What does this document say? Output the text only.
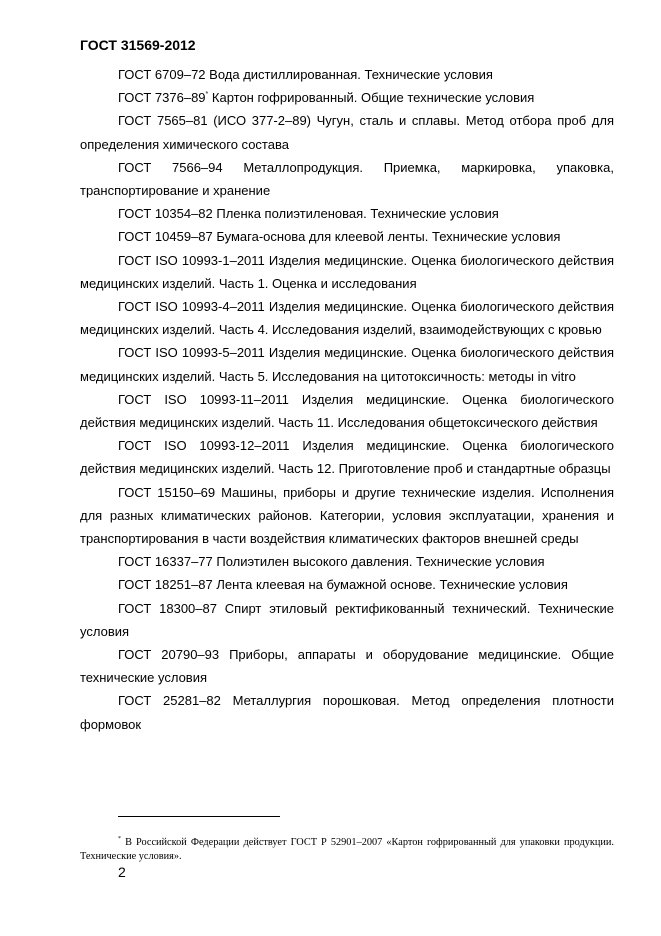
ГОСТ 31569-2012

ГОСТ 6709–72 Вода дистиллированная. Технические условия

ГОСТ 7376–89* Картон гофрированный. Общие технические условия

ГОСТ 7565–81 (ИСО 377-2–89) Чугун, сталь и сплавы. Метод отбора проб для определения химического состава

ГОСТ 7566–94 Металлопродукция. Приемка, маркировка, упаковка, транспортирование и хранение

ГОСТ 10354–82 Пленка полиэтиленовая. Технические условия

ГОСТ 10459–87 Бумага-основа для клеевой ленты. Технические условия

ГОСТ ISO 10993-1–2011 Изделия медицинские. Оценка биологического действия медицинских изделий. Часть 1. Оценка и исследования

ГОСТ ISO 10993-4–2011 Изделия медицинские. Оценка биологического действия медицинских изделий. Часть 4. Исследования изделий, взаимодействующих с кровью

ГОСТ ISO 10993-5–2011 Изделия медицинские. Оценка биологического действия медицинских изделий. Часть 5. Исследования на цитотоксичность: методы in vitro

ГОСТ ISO 10993-11–2011 Изделия медицинские. Оценка биологического действия медицинских изделий. Часть 11. Исследования общетоксического действия

ГОСТ ISO 10993-12–2011 Изделия медицинские. Оценка биологического действия медицинских изделий. Часть 12. Приготовление проб и стандартные образцы

ГОСТ 15150–69 Машины, приборы и другие технические изделия. Исполнения для разных климатических районов. Категории, условия эксплуатации, хранения и транспортирования в части воздействия климатических факторов внешней среды

ГОСТ 16337–77 Полиэтилен высокого давления. Технические условия

ГОСТ 18251–87 Лента клеевая на бумажной основе. Технические условия

ГОСТ 18300–87 Спирт этиловый ректификованный технический. Технические условия

ГОСТ 20790–93 Приборы, аппараты и оборудование медицинские. Общие технические условия

ГОСТ 25281–82 Металлургия порошковая. Метод определения плотности формовок

* В Российской Федерации действует ГОСТ Р 52901–2007 «Картон гофрированный для упаковки продукции. Технические условия».
2
